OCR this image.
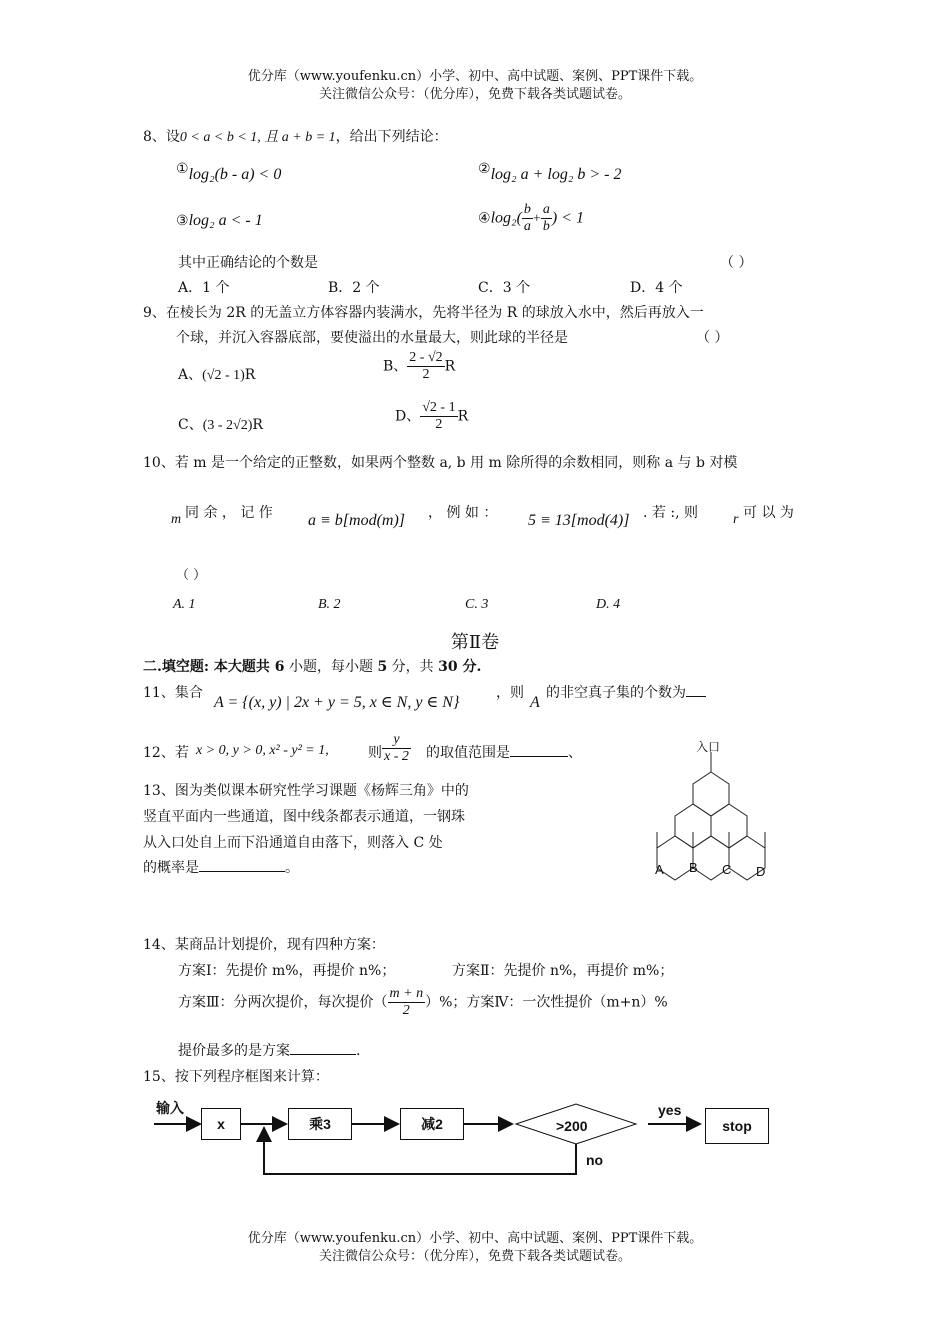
优分库（www.youfenku.cn）小学、初中、高中试题、案例、PPT课件下载。
关注微信公众号：（优分库），免费下载各类试题试卷。
8、设0 < a < b < 1, 且 a + b = 1，给出下列结论：
①log₂(b - a) < 0	②log₂ a + log₂ b > - 2
③log₂ a < - 1	④log₂( $\frac{b}{a} + \frac{a}{b}$ ) < 1
其中正确结论的个数是	（ ）
A．1 个	B．2 个	C．3 个	D．4 个
9、在棱长为 2R 的无盖立方体容器内装满水，先将半径为 R 的球放入水中，然后再放入一
个球，并沉入容器底部，要使溢出的水量最大，则此球的半径是	（ ）
A、(√2 - 1)R
B、 $\frac{2 - √2}{2}$ R
C、(3 - 2√2)R
D、 $\frac{√2 - 1}{2}$ R
10、若 m 是一个给定的正整数，如果两个整数 a, b 用 m 除所得的余数相同，则称 a 与 b 对模
m 同 余 ， 记 作 a ≡ b[mod(m)] ， 例 如 ： 5 ≡ 13[mod(4)] . 若 :, 则	r 可 以 为
（ ）
A. 1	B. 2	C. 3	D. 4
第Ⅱ卷
二.填空题: 本大题共 6 小题，每小题 5 分，共 30 分.
11、集合
A = {(x, y) | 2x + y = 5, x ∈ N, y ∈ N}
，则
A
的非空真子集的个数为
12、若 x > 0, y > 0, x² - y² = 1,	则 $\frac{y}{x - 2}$ 的取值范围是	、
13、图为类似课本研究性学习课题《杨辉三角》中的
竖直平面内一些通道，图中线条都表示通道，一钢珠
从入口处自上而下沿通道自由落下，则落入 C 处
的概率是	。
入口
A B C D
14、某商品计划提价，现有四种方案：
方案Ⅰ：先提价 m%，再提价 n%；	方案Ⅱ：先提价 n%，再提价 m%；
方案Ⅲ：分两次提价，每次提价（ $\frac{m + n}{2}$ ）%；方案Ⅳ：一次性提价（m+n）%
提价最多的是方案	.
15、按下列程序框图来计算：
输入
x	乘3	减2	>200
yes
no
stop
优分库（www.youfenku.cn）小学、初中、高中试题、案例、PPT课件下载。
关注微信公众号：（优分库），免费下载各类试题试卷。
